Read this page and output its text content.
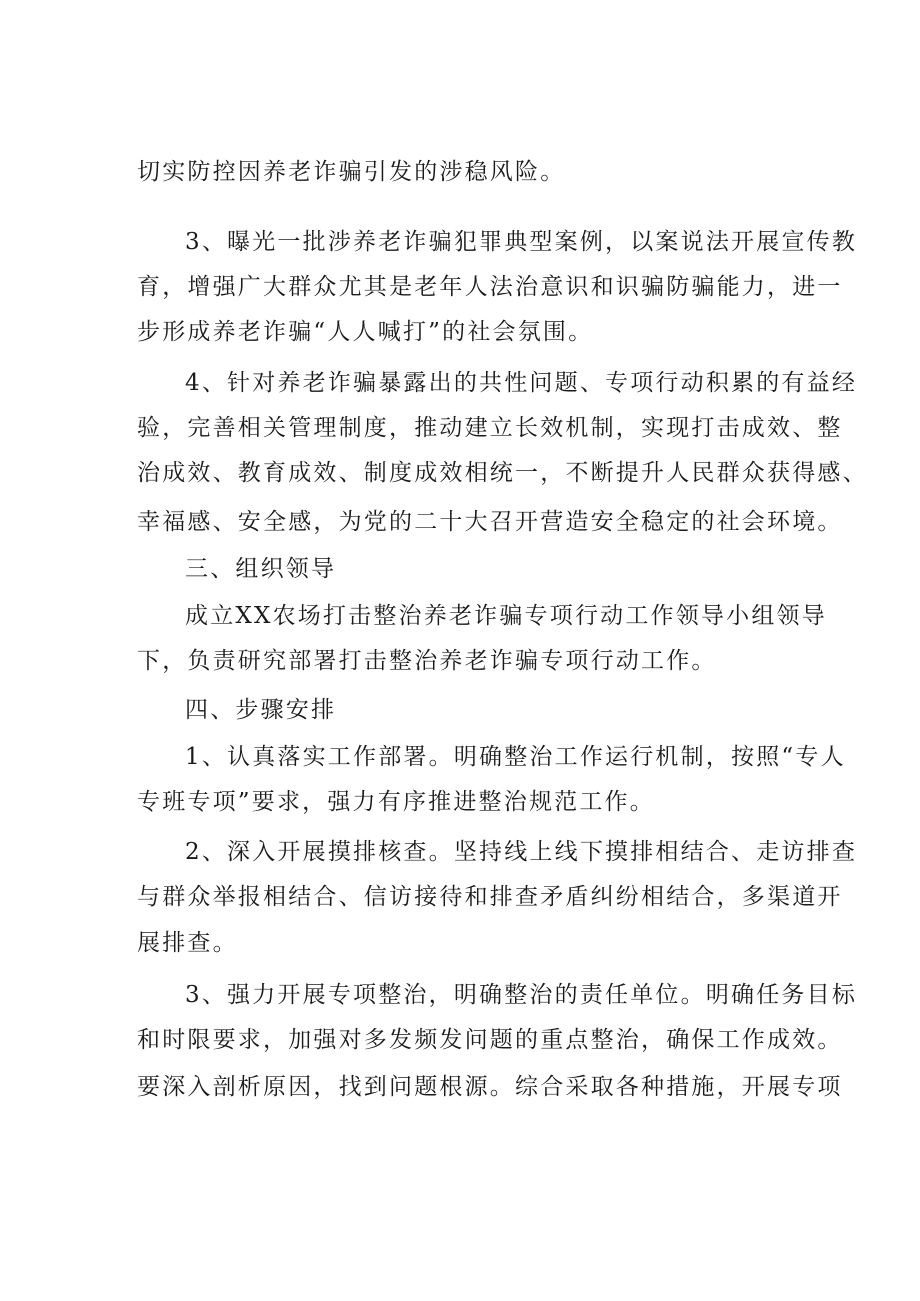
切实防控因养老诈骗引发的涉稳风险。
3、曝光一批涉养老诈骗犯罪典型案例，以案说法开展宣传教
育，增强广大群众尤其是老年人法治意识和识骗防骗能力，进一
步形成养老诈骗“人人喊打”的社会氛围。
4、针对养老诈骗暴露出的共性问题、专项行动积累的有益经
验，完善相关管理制度，推动建立长效机制，实现打击成效、整
治成效、教育成效、制度成效相统一，不断提升人民群众获得感、
幸福感、安全感，为党的二十大召开营造安全稳定的社会环境。
三、组织领导
成立XX农场打击整治养老诈骗专项行动工作领导小组领导
下，负责研究部署打击整治养老诈骗专项行动工作。
四、步骤安排
1、认真落实工作部署。明确整治工作运行机制，按照“专人
专班专项”要求，强力有序推进整治规范工作。
2、深入开展摸排核查。坚持线上线下摸排相结合、走访排查
与群众举报相结合、信访接待和排查矛盾纠纷相结合，多渠道开
展排查。
3、强力开展专项整治，明确整治的责任单位。明确任务目标
和时限要求，加强对多发频发问题的重点整治，确保工作成效。
要深入剖析原因，找到问题根源。综合采取各种措施，开展专项
